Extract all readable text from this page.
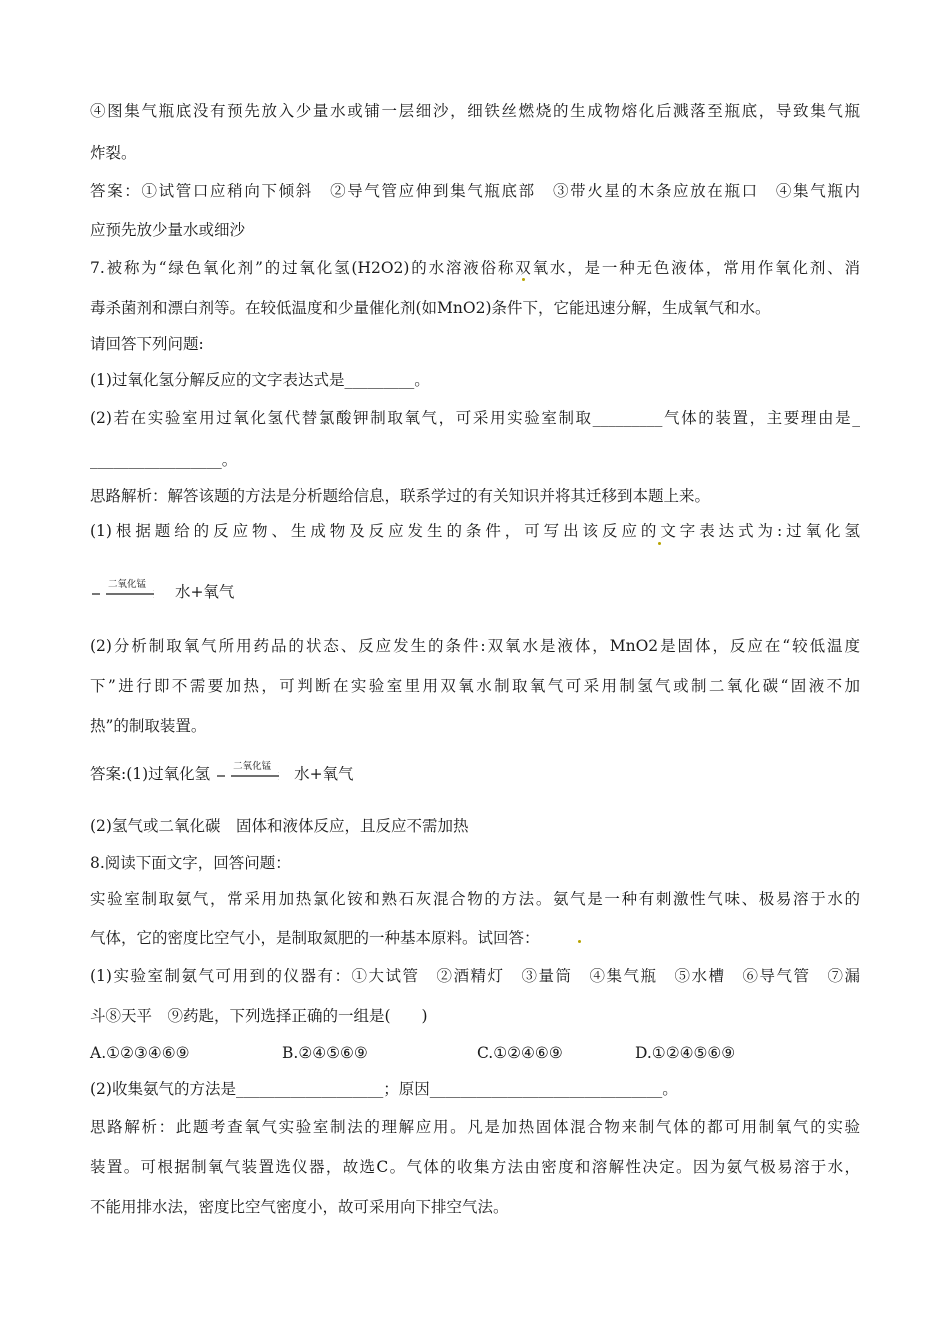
④图集气瓶底没有预先放入少量水或铺一层细沙，细铁丝燃烧的生成物熔化后溅落至瓶底，导致集气瓶
炸裂。
答案：①试管口应稍向下倾斜　②导气管应伸到集气瓶底部　③带火星的木条应放在瓶口　④集气瓶内
应预先放少量水或细沙
7.被称为“绿色氧化剂”的过氧化氢(H2O2)的水溶液俗称双氧水，是一种无色液体，常用作氧化剂、消
毒杀菌剂和漂白剂等。在较低温度和少量催化剂(如MnO2)条件下，它能迅速分解，生成氧气和水。
请回答下列问题:
(1)过氧化氢分解反应的文字表达式是_________。
(2)若在实验室用过氧化氢代替氯酸钾制取氧气，可采用实验室制取_________气体的装置，主要理由是_
_________________。
思路解析：解答该题的方法是分析题给信息，联系学过的有关知识并将其迁移到本题上来。
(1)根据题给的反应物、生成物及反应发生的条件，可写出该反应的文字表达式为:过氧化氢
二氧化锰 水+氧气
(2)分析制取氧气所用药品的状态、反应发生的条件:双氧水是液体，MnO2是固体，反应在“较低温度
下”进行即不需要加热，可判断在实验室里用双氧水制取氧气可采用制氢气或制二氧化碳“固液不加
热”的制取装置。
答案:(1)过氧化氢 二氧化锰 水+氧气
(2)氢气或二氧化碳　固体和液体反应，且反应不需加热
8.阅读下面文字，回答问题：
实验室制取氨气，常采用加热氯化铵和熟石灰混合物的方法。氨气是一种有刺激性气味、极易溶于水的
气体，它的密度比空气小，是制取氮肥的一种基本原料。试回答：
(1)实验室制氨气可用到的仪器有：①大试管　②酒精灯　③量筒　④集气瓶　⑤水槽　⑥导气管　⑦漏
斗⑧天平　⑨药匙，下列选择正确的一组是(　　)
A.①②③④⑥⑨	B.②④⑤⑥⑨	C.①②④⑥⑨	D.①②④⑤⑥⑨
(2)收集氨气的方法是___________________；原因______________________________。
思路解析：此题考查氧气实验室制法的理解应用。凡是加热固体混合物来制气体的都可用制氧气的实验
装置。可根据制氧气装置选仪器，故选C。气体的收集方法由密度和溶解性决定。因为氨气极易溶于水，
不能用排水法，密度比空气密度小，故可采用向下排空气法。
